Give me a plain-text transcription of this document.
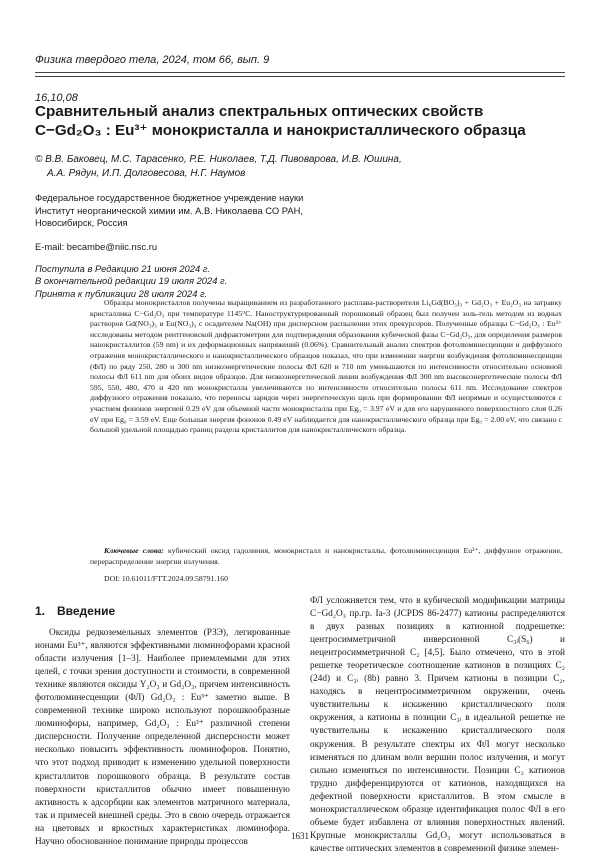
Физика твердого тела, 2024, том 66, вып. 9
16,10,08
Сравнительный анализ спектральных оптических свойств
C−Gd₂O₃ : Eu³⁺ монокристалла и нанокристаллического образца
© В.В. Баковец, М.С. Тарасенко, Р.Е. Николаев, Т.Д. Пивоварова, И.В. Юшина,
А.А. Рядун, И.П. Долговесова, Н.Г. Наумов
Федеральное государственное бюджетное учреждение науки
Институт неорганической химии им. А.В. Николаева СО РАН,
Новосибирск, Россия
E-mail: becambe@niic.nsc.ru
Поступила в Редакцию 21 июня 2024 г.
В окончательной редакции 19 июля 2024 г.
Принята к публикации 28 июля 2024 г.

Образцы монокристаллов получены выращиванием из разработанного расплава-растворителя Li₆Gd(BO₃)₃ + Gd₂O₃ + Eu₂O₃ на затравку кристаллика C−Gd₂O₃ при температуре 1145°C. Наноструктурированный порошковый образец был получен золь-гель методом из водных растворов Gd(NO₃)₃ и Eu(NO₃)₃ с осадителем Na(OH) при дисперсном распылении этих прекурсоров. Полученные образцы C−Gd₂O₃ : Eu³⁺ исследованы методом рентгеновской дифрактометрии для подтверждения образования кубической фазы C−Gd₂O₃, для определения размеров нанокристаллитов (59 nm) и их деформационных напряжений (0.06%). Сравнительный анализ спектров фотолюминесценции и диффузного отражения монокристаллического и нанокристаллического образцов показал, что при изменении энергии возбуждения фотолюминесценции (ФЛ) по ряду 250, 280 и 300 nm низкоэнергетические полосы ФЛ 620 и 710 nm уменьшаются по интенсивности относительно основной полосы ФЛ 611 nm для обоих видов образцов. Для низкоэнергетической линии возбуждения ФЛ 300 nm высокоэнергетические полосы ФЛ 595, 550, 480, 470 и 420 nm монокристалла увеличиваются по интенсивности относительно полосы 611 nm. Исследование спектров диффузного отражения показало, что переносы зарядов через энергетическую щель при формировании ФЛ непрямые и осуществляются с участием фононов энергией 0.29 eV для объемной части монокристалла при Eg₀ = 3.97 eV и для его нарушенного поверхностного слоя 0.26 eV при Eg₀ = 3.59 eV. Еще большая энергия фононов 0.49 eV наблюдается для нанокристаллического образца при Eg₀ = 2.00 eV, что связано с большой удельной площадью границ раздела кристаллитов для нанокристаллического образца.

Ключевые слова: кубический оксид гадолиния, монокристалл и нанокристаллы, фотолюминесценция Eu³⁺, диффузное отражение, перераспределение энергии излучения.

DOI: 10.61011/FTT.2024.09.58791.160
1. Введение

Оксиды редкоземельных элементов (РЗЭ), легированные ионами Eu³⁺, являются эффективными люминофорами красной области излучения [1–3]. Наиболее приемлемыми для этих целей, с точки зрения доступности и стоимости, в современной технике являются оксиды Y₂O₃ и Gd₂O₃, причем интенсивность фотолюминесценции (ФЛ) Gd₂O₃ : Eu³⁺ заметно выше. В современной технике широко используют порошкообразные люминофоры, например, Gd₂O₃ : Eu³⁺ различной степени дисперсности. Получение определенной дисперсности может несколько повысить эффективность люминофоров. Понятно, что этот подход приводит к изменению удельной поверхности кристаллитов порошкового образца. В результате состав поверхности кристаллитов обычно имеет повышенную активность к адсорбции как элементов матричного материала, так и примесей внешней среды. Это в свою очередь отражается на цветовых и яркостных характеристиках люминофора. Научно обоснованное понимание природы процессов

ФЛ усложняется тем, что в кубической модификации матрицы C−Gd₂O₃ пр.гр. Ia-3 (JCPDS 86-2477) катионы распределяются в двух разных позициях в катионной подрешетке: центросимметричной инверсионной C₃ᵢ(S₆) и нецентросимметричной C₂ [4,5]. Было отмечено, что в этой решетке теоретическое соотношение катионов в позициях C₂ (24d) и C₃ᵢ (8b) равно 3. Причем катионы в позиции C₂, находясь в нецентросимметричном окружении, очень чувствительны к искажению кристаллического поля окружения, а катионы в позиции C₃ᵢ в идеальной решетке не чувствительны к искажению кристаллического поля окружения. В результате спектры их ФЛ могут несколько изменяться по длинам волн вершин полос излучения, и могут сильно изменяться по интенсивности. Позиции C₂ катионов трудно дифференцируются от катионов, находящихся на дефектной поверхности кристаллитов. В этом смысле в монокристаллическом образце идентификация полос ФЛ в его объеме будет избавлена от влияния поверхностных явлений. Крупные монокристаллы Gd₂O₃ могут использоваться в качестве оптических элементов в современной физике элемен-

1631
